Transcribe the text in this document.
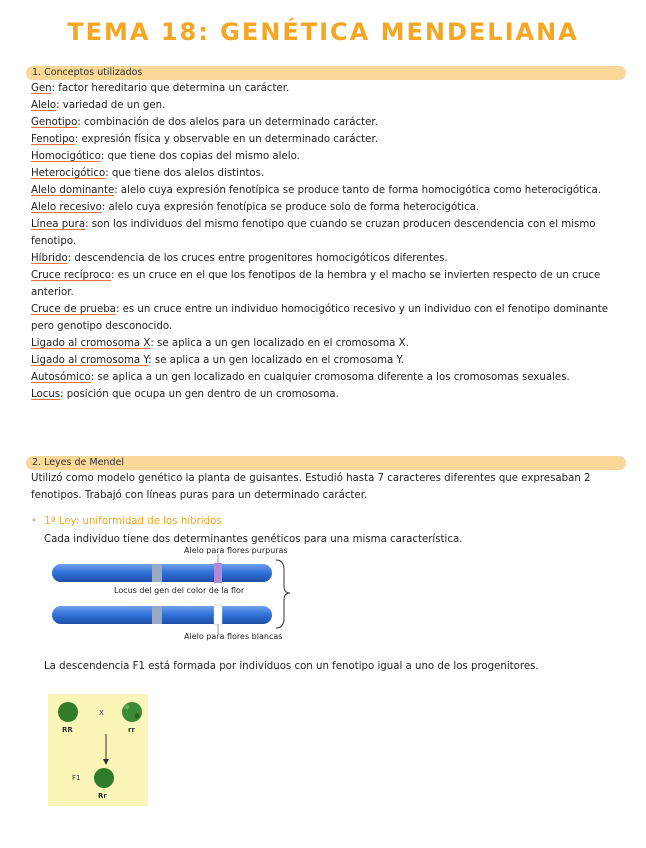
TEMA 18: GENÉTICA MENDELIANA
1. Conceptos utilizados

Gen: factor hereditario que determina un carácter.

Alelo: variedad de un gen.

Genotipo: combinación de dos alelos para un determinado carácter.

Fenotipo: expresión física y observable en un determinado carácter.

Homocigótico: que tiene dos copias del mismo alelo.

Heterocigótico: que tiene dos alelos distintos.

Alelo dominante: alelo cuya expresión fenotípica se produce tanto de forma homocigótica como heterocigótica.

Alelo recesivo: alelo cuya expresión fenotípica se produce solo de forma heterocigótica.

Línea pura: son los individuos del mismo fenotipo que cuando se cruzan producen descendencia con el mismo fenotipo.

Híbrido: descendencia de los cruces entre progenitores homocigóticos diferentes.

Cruce recíproco: es un cruce en el que los fenotipos de la hembra y el macho se invierten respecto de un cruce anterior.

Cruce de prueba: es un cruce entre un individuo homocigótico recesivo y un individuo con el fenotipo dominante pero genotipo desconocido.

Ligado al cromosoma X: se aplica a un gen localizado en el cromosoma X.

Ligado al cromosoma Y: se aplica a un gen localizado en el cromosoma Y.

Autosómico: se aplica a un gen localizado en cualquier cromosoma diferente a los cromosomas sexuales.

Locus: posición que ocupa un gen dentro de un cromosoma.

2. Leyes de Mendel
Utilizó como modelo genético la planta de guisantes. Estudió hasta 7 caracteres diferentes que expresaban 2 fenotipos. Trabajó con líneas puras para un determinado carácter.
• 1ª Ley: uniformidad de los híbridos
Cada individuo tiene dos determinantes genéticos para una misma característica.
Alelo para flores purpuras
Locus del gen del color de la flor
Alelo para flores blancas
La descendencia F1 está formada por individuos con un fenotipo igual a uno de los progenitores.
RR
X
rr
F1
Rr
